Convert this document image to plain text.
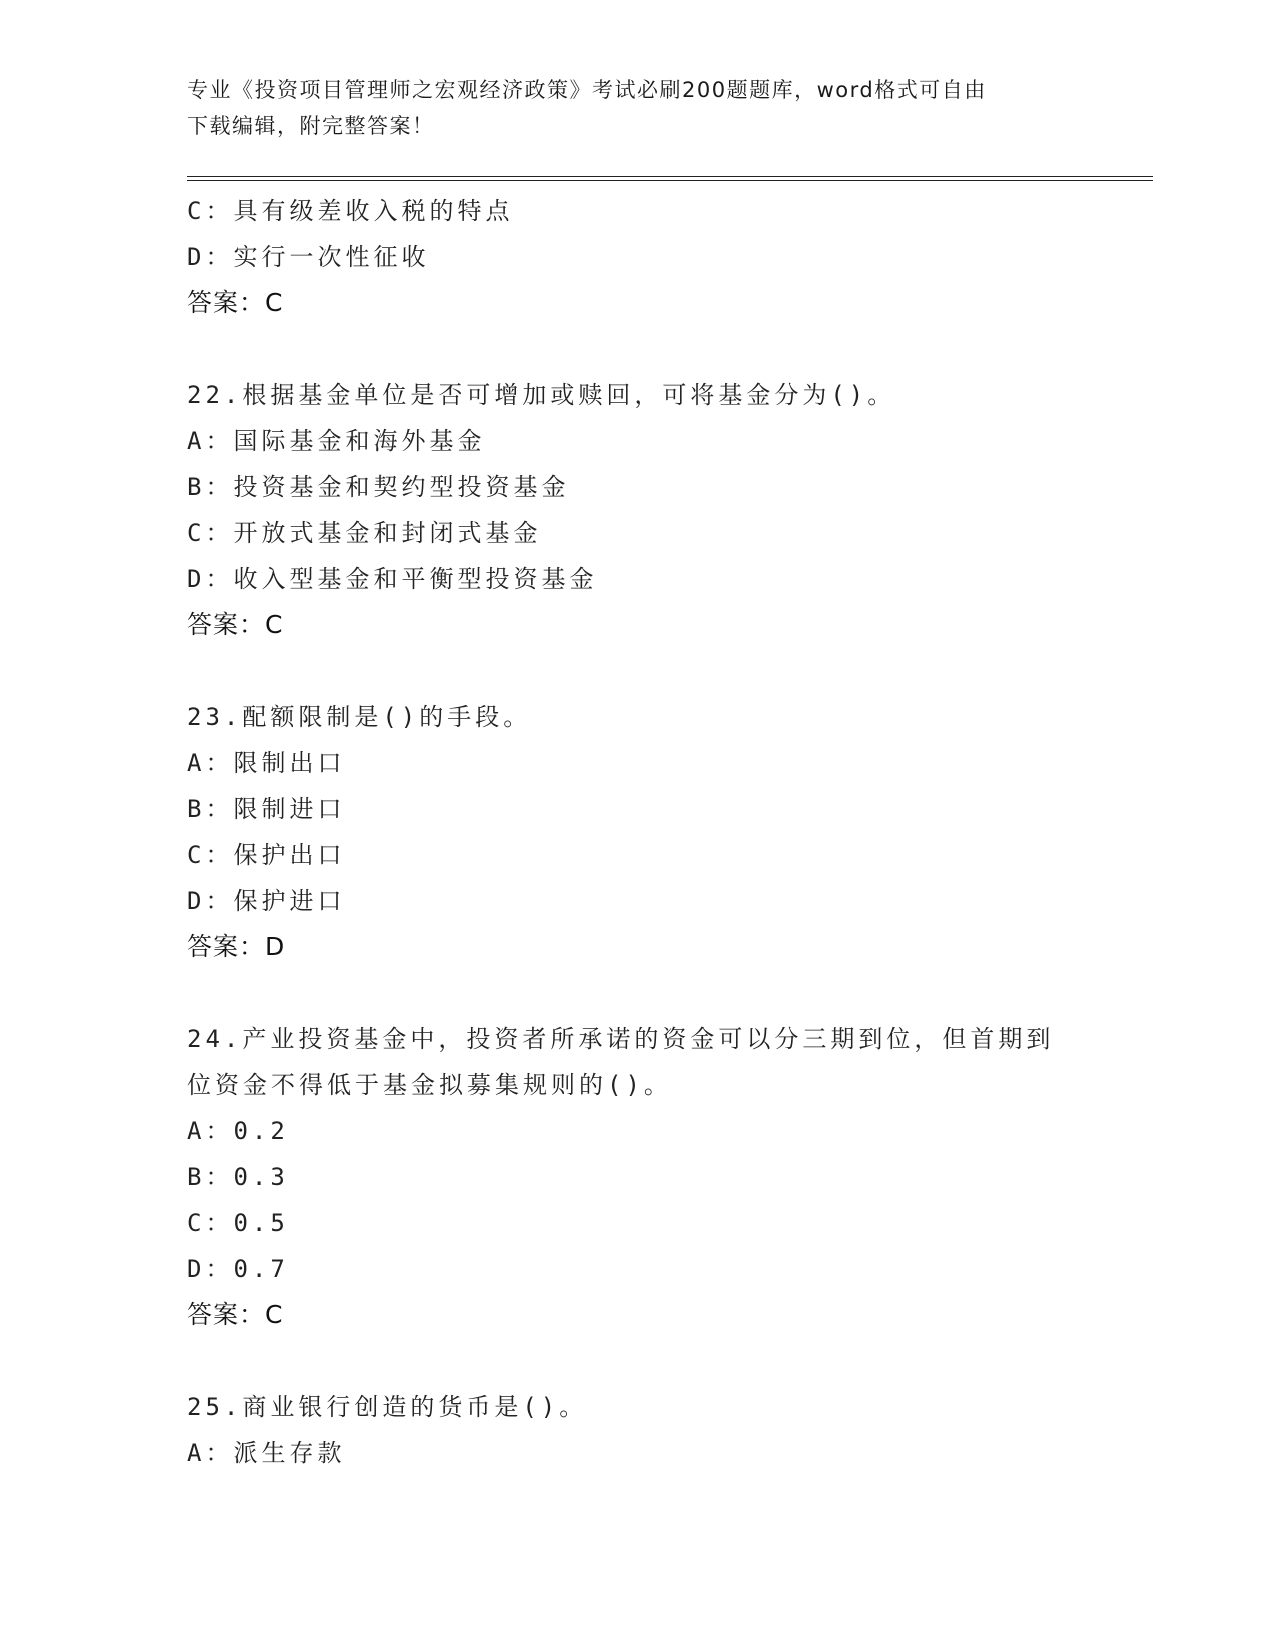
专业《投资项目管理师之宏观经济政策》考试必刷200题题库，word格式可自由
下载编辑，附完整答案！
C：具有级差收入税的特点
D：实行一次性征收
答案：C
22.根据基金单位是否可增加或赎回，可将基金分为()。
A：国际基金和海外基金
B：投资基金和契约型投资基金
C：开放式基金和封闭式基金
D：收入型基金和平衡型投资基金
答案：C
23.配额限制是()的手段。
A：限制出口
B：限制进口
C：保护出口
D：保护进口
答案：D
24.产业投资基金中，投资者所承诺的资金可以分三期到位，但首期到
位资金不得低于基金拟募集规则的()。
A：0.2
B：0.3
C：0.5
D：0.7
答案：C
25.商业银行创造的货币是()。
A：派生存款
